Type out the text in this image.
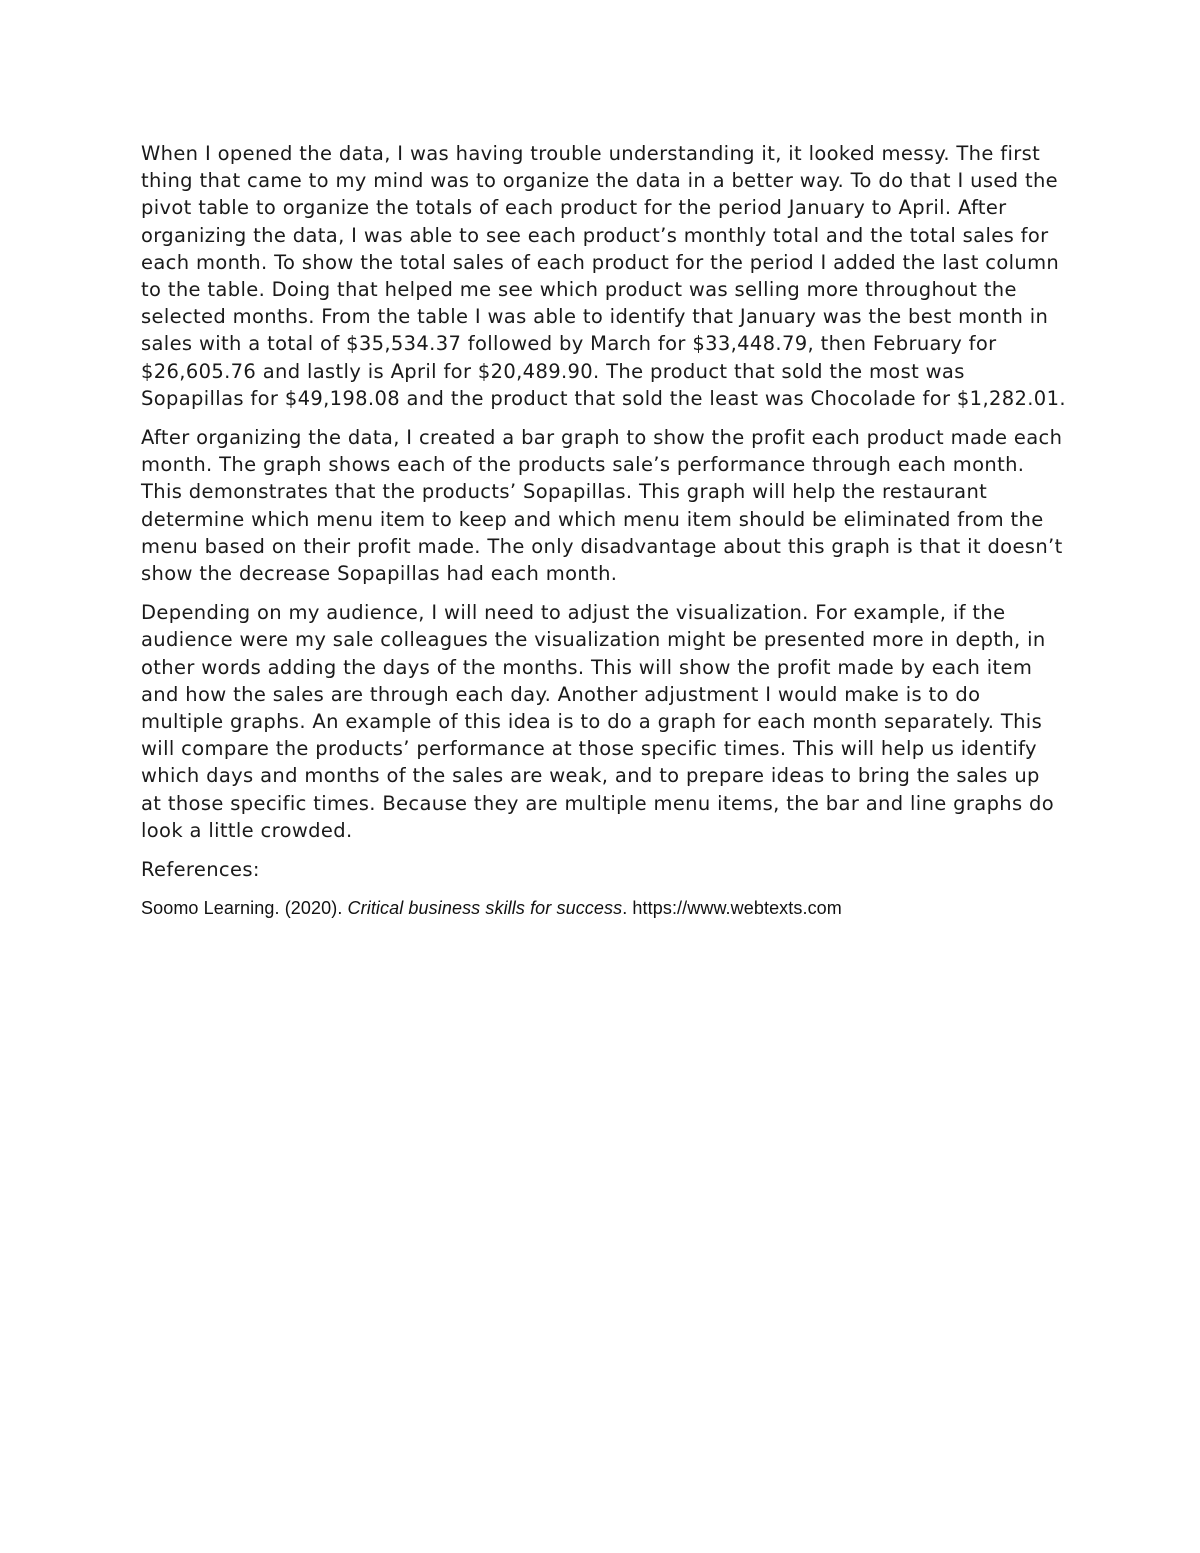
When I opened the data, I was having trouble understanding it, it looked messy. The first thing that came to my mind was to organize the data in a better way. To do that I used the pivot table to organize the totals of each product for the period January to April. After organizing the data, I was able to see each product’s monthly total and the total sales for each month. To show the total sales of each product for the period I added the last column to the table. Doing that helped me see which product was selling more throughout the selected months. From the table I was able to identify that January was the best month in sales with a total of $35,534.37 followed by March for $33,448.79, then February for $26,605.76 and lastly is April for $20,489.90. The product that sold the most was Sopapillas for $49,198.08 and the product that sold the least was Chocolade for $1,282.01.

After organizing the data, I created a bar graph to show the profit each product made each month. The graph shows each of the products sale’s performance through each month. This demonstrates that the products’ Sopapillas. This graph will help the restaurant determine which menu item to keep and which menu item should be eliminated from the menu based on their profit made. The only disadvantage about this graph is that it doesn’t show the decrease Sopapillas had each month.

Depending on my audience, I will need to adjust the visualization. For example, if the audience were my sale colleagues the visualization might be presented more in depth, in other words adding the days of the months. This will show the profit made by each item and how the sales are through each day. Another adjustment I would make is to do multiple graphs. An example of this idea is to do a graph for each month separately. This will compare the products’ performance at those specific times. This will help us identify which days and months of the sales are weak, and to prepare ideas to bring the sales up at those specific times. Because they are multiple menu items, the bar and line graphs do look a little crowded.

References:

Soomo Learning. (2020). Critical business skills for success. https://www.webtexts.com
